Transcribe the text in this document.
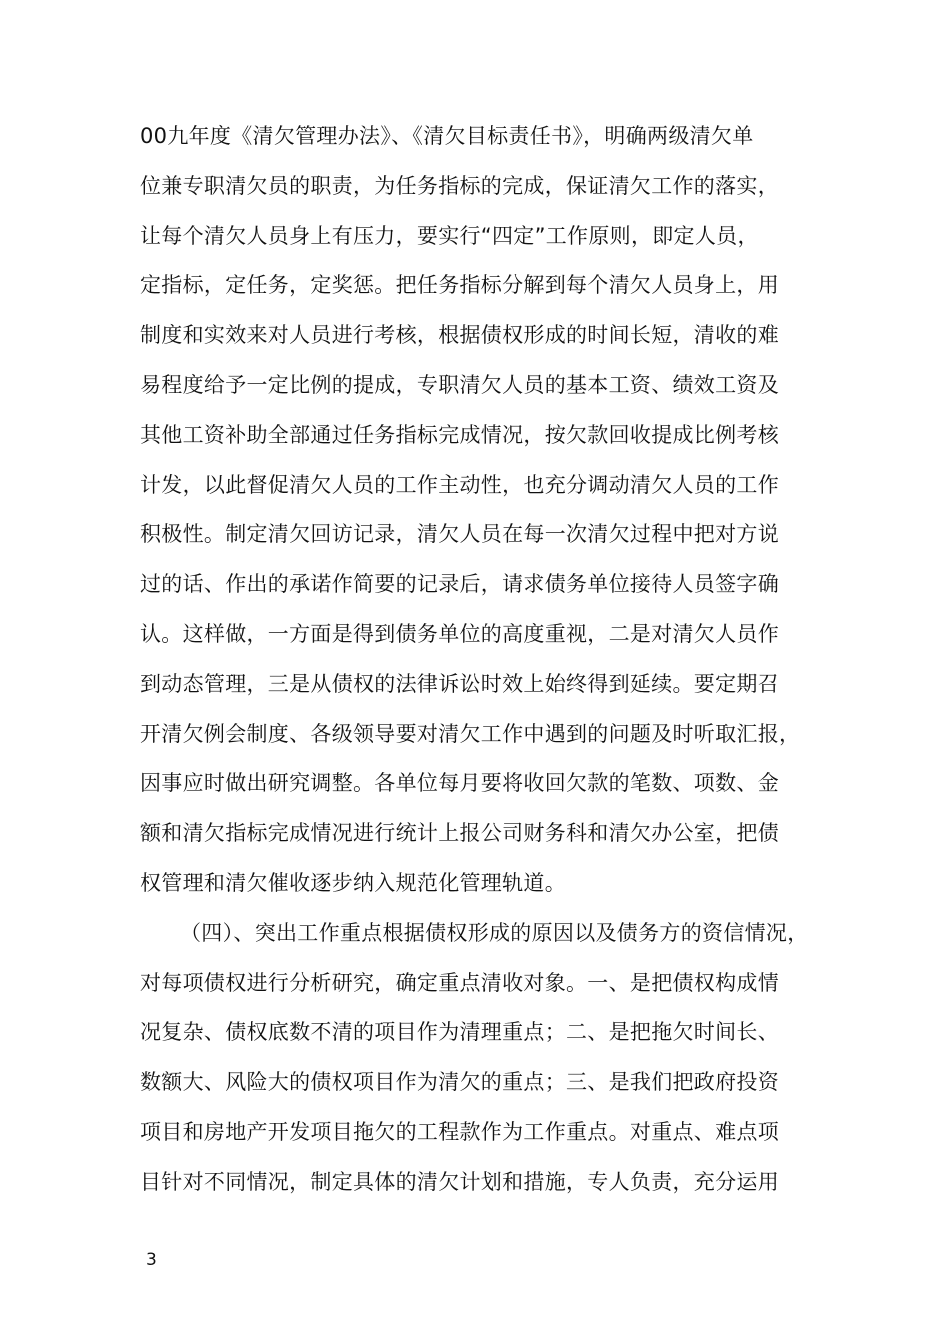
00九年度《清欠管理办法》、《清欠目标责任书》，明确两级清欠单
位兼专职清欠员的职责，为任务指标的完成，保证清欠工作的落实，
让每个清欠人员身上有压力，要实行“四定”工作原则，即定人员，
定指标，定任务，定奖惩。把任务指标分解到每个清欠人员身上，用
制度和实效来对人员进行考核，根据债权形成的时间长短，清收的难
易程度给予一定比例的提成，专职清欠人员的基本工资、绩效工资及
其他工资补助全部通过任务指标完成情况，按欠款回收提成比例考核
计发，以此督促清欠人员的工作主动性，也充分调动清欠人员的工作
积极性。制定清欠回访记录，清欠人员在每一次清欠过程中把对方说
过的话、作出的承诺作简要的记录后，请求债务单位接待人员签字确
认。这样做，一方面是得到债务单位的高度重视，二是对清欠人员作
到动态管理，三是从债权的法律诉讼时效上始终得到延续。要定期召
开清欠例会制度、各级领导要对清欠工作中遇到的问题及时听取汇报，
因事应时做出研究调整。各单位每月要将收回欠款的笔数、项数、金
额和清欠指标完成情况进行统计上报公司财务科和清欠办公室，把债
权管理和清欠催收逐步纳入规范化管理轨道。
（四）、突出工作重点根据债权形成的原因以及债务方的资信情况，
对每项债权进行分析研究，确定重点清收对象。一、是把债权构成情
况复杂、债权底数不清的项目作为清理重点；二、是把拖欠时间长、
数额大、风险大的债权项目作为清欠的重点；三、是我们把政府投资
项目和房地产开发项目拖欠的工程款作为工作重点。对重点、难点项
目针对不同情况，制定具体的清欠计划和措施，专人负责，充分运用
3
